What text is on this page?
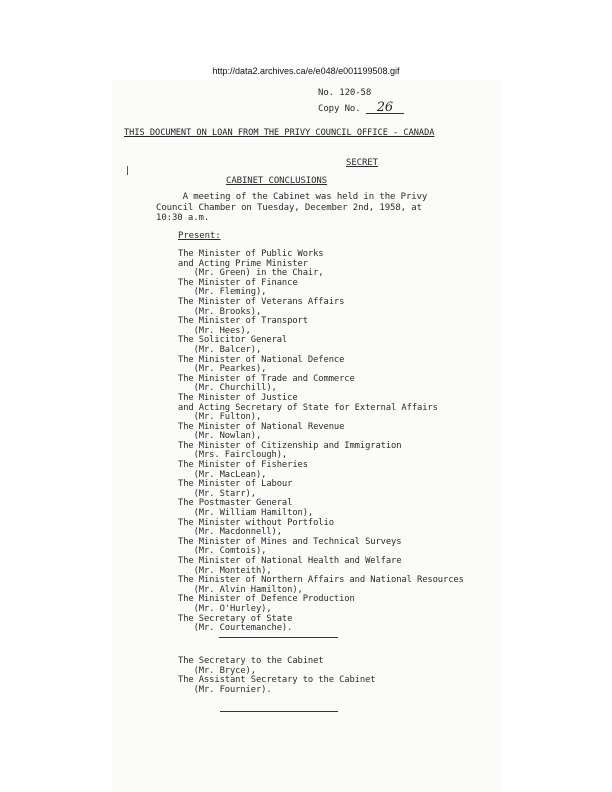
http://data2.archives.ca/e/e048/e001199508.gif
No. 120-58
Copy No. 26
THIS DOCUMENT ON LOAN FROM THE PRIVY COUNCIL OFFICE - CANADA
SECRET
CABINET CONCLUSIONS
A meeting of the Cabinet was held in the Privy
Council Chamber on Tuesday, December 2nd, 1958, at
10:30 a.m.
Present:
The Minister of Public Works
and Acting Prime Minister
(Mr. Green) in the Chair,
The Minister of Finance
(Mr. Fleming),
The Minister of Veterans Affairs
(Mr. Brooks),
The Minister of Transport
(Mr. Hees),
The Solicitor General
(Mr. Balcer),
The Minister of National Defence
(Mr. Pearkes),
The Minister of Trade and Commerce
(Mr. Churchill),
The Minister of Justice
and Acting Secretary of State for External Affairs
(Mr. Fulton),
The Minister of National Revenue
(Mr. Nowlan),
The Minister of Citizenship and Immigration
(Mrs. Fairclough),
The Minister of Fisheries
(Mr. MacLean),
The Minister of Labour
(Mr. Starr),
The Postmaster General
(Mr. William Hamilton),
The Minister without Portfolio
(Mr. Macdonnell),
The Minister of Mines and Technical Surveys
(Mr. Comtois),
The Minister of National Health and Welfare
(Mr. Monteith),
The Minister of Northern Affairs and National Resources
(Mr. Alvin Hamilton),
The Minister of Defence Production
(Mr. O'Hurley),
The Secretary of State
(Mr. Courtemanche).
The Secretary to the Cabinet
(Mr. Bryce),
The Assistant Secretary to the Cabinet
(Mr. Fournier).
